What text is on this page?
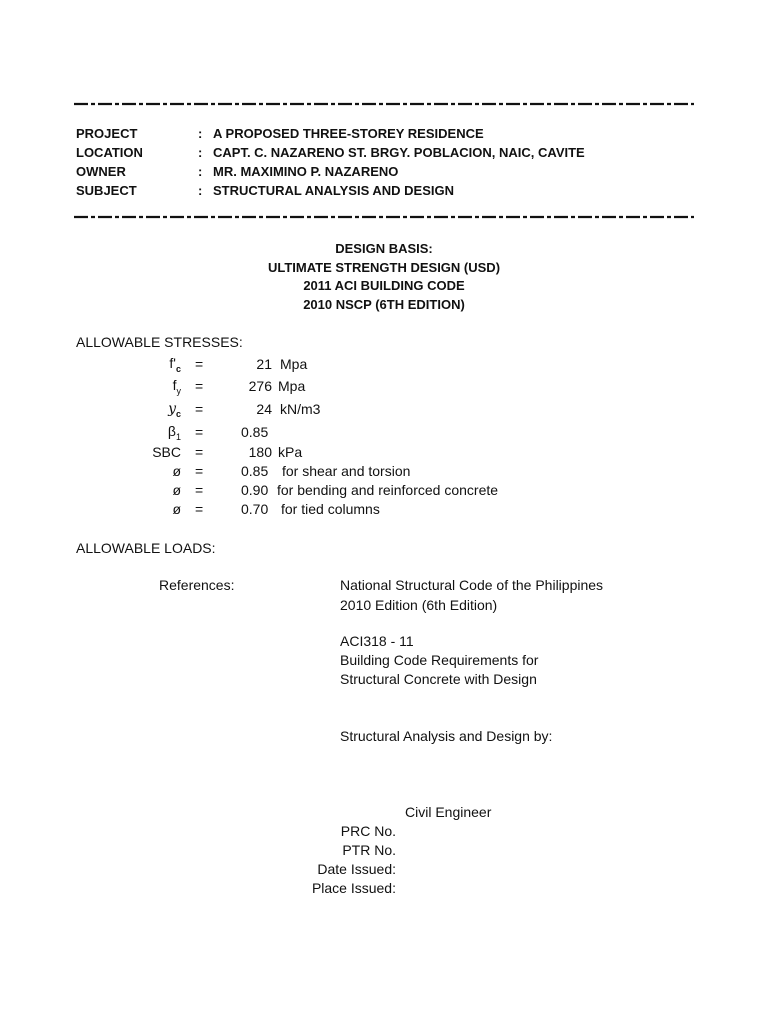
PROJECT	: A PROPOSED THREE-STOREY RESIDENCE
LOCATION	: CAPT. C. NAZARENO ST. BRGY. POBLACION, NAIC, CAVITE
OWNER	: MR. MAXIMINO P. NAZARENO
SUBJECT	: STRUCTURAL ANALYSIS AND DESIGN
DESIGN BASIS:
ULTIMATE STRENGTH DESIGN (USD)
2011 ACI BUILDING CODE
2010 NSCP (6TH EDITION)
ALLOWABLE STRESSES:
$f'_c$ =	21 Mpa
$f_y$ =	276 Mpa
$y_c$ =	24 kN/m3
$\beta_1$ =	0.85
SBC =	180 kPa
ø =	0.85 for shear and torsion
ø =	0.90 for bending and reinforced concrete
ø =	0.70 for tied columns
ALLOWABLE LOADS:
References:	National Structural Code of the Philippines
2010 Edition (6th Edition)
ACI318 - 11
Building Code Requirements for
Structural Concrete with Design
Structural Analysis and Design by:
Civil Engineer
PRC No.
PTR No.
Date Issued:
Place Issued:
